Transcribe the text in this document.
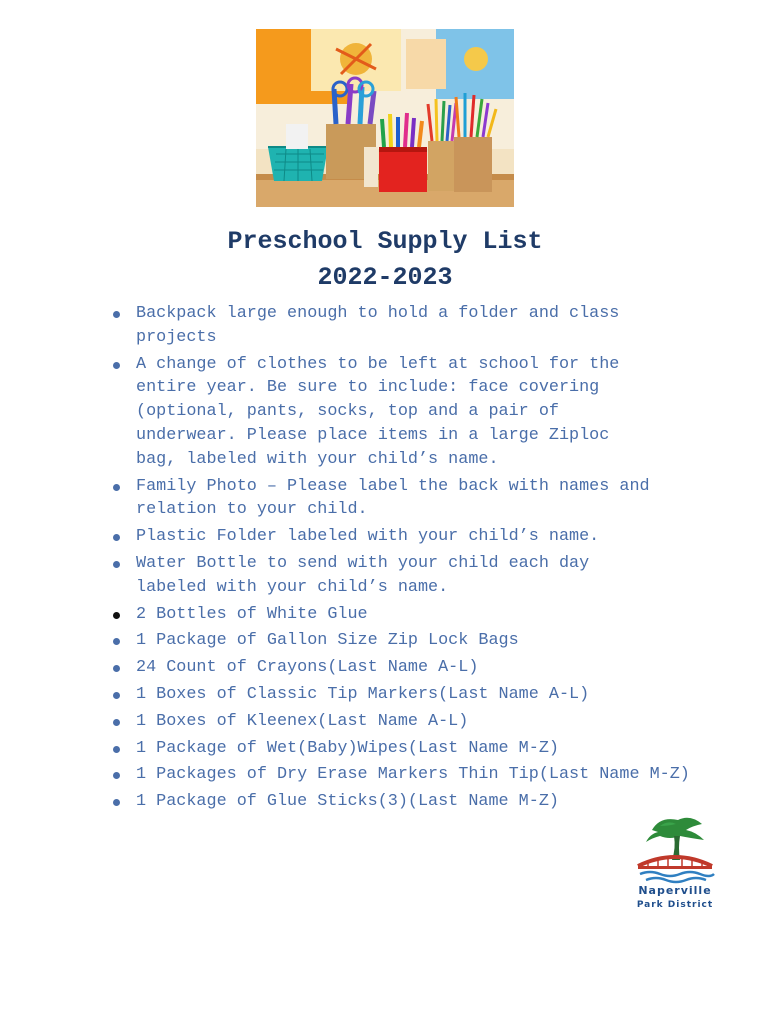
Preschool Supply List
2022-2023
Backpack large enough to hold a folder and class
projects
A change of clothes to be left at school for the
entire year. Be sure to include: face covering
(optional, pants, socks, top and a pair of
underwear. Please place items in a large Ziploc
bag, labeled with your child’s name.
Family Photo – Please label the back with names and
relation to your child.
Plastic Folder labeled with your child’s name.
Water Bottle to send with your child each day
labeled with your child’s name.
2 Bottles of White Glue
1 Package of Gallon Size Zip Lock Bags
24 Count of Crayons(Last Name A-L)
1 Boxes of Classic Tip Markers(Last Name A-L)
1 Boxes of Kleenex(Last Name A-L)
1 Package of Wet(Baby)Wipes(Last Name M-Z)
1 Packages of Dry Erase Markers Thin Tip(Last Name M-Z)
1 Package of Glue Sticks(3)(Last Name M-Z)
Naperville
Park District
